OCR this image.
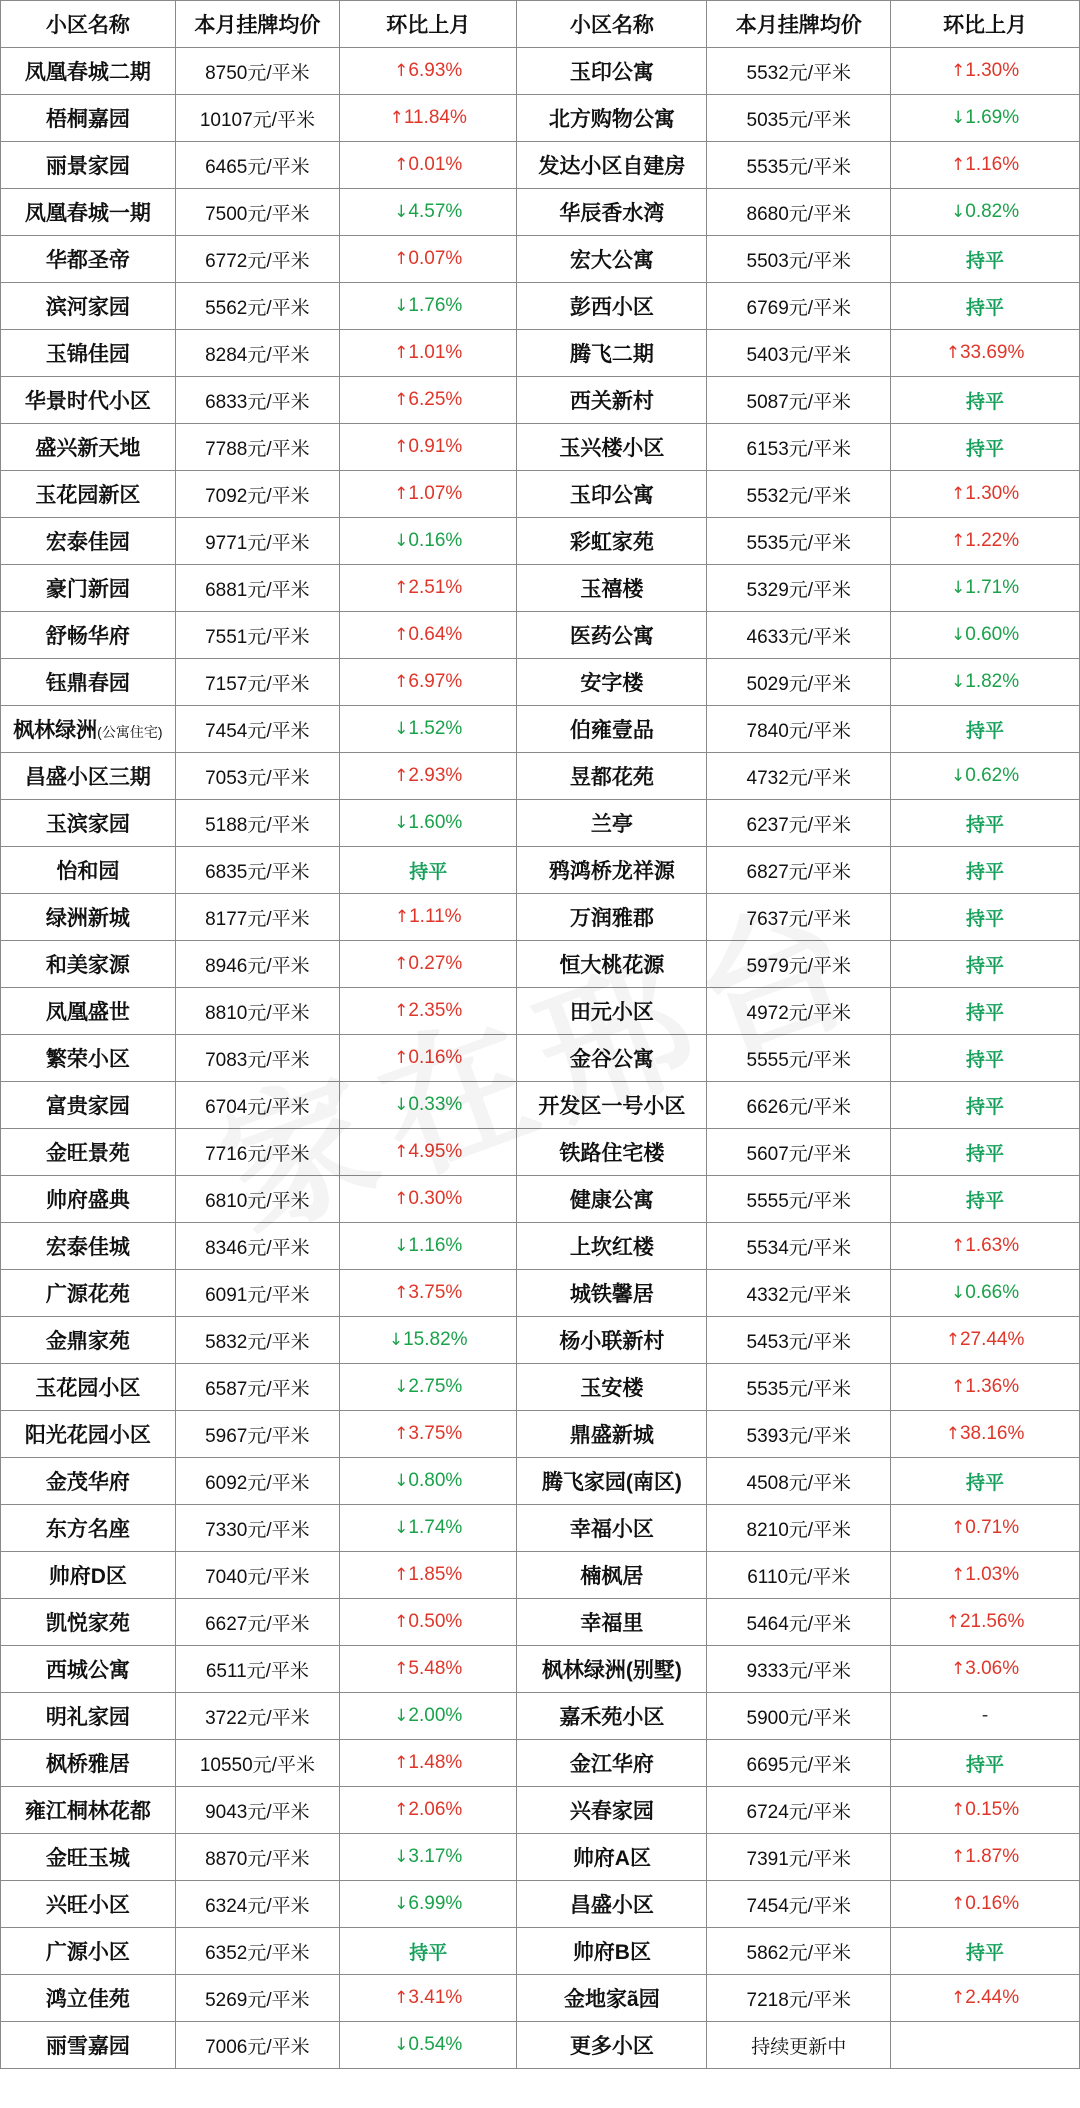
小区名称	本月挂牌均价	环比上月	小区名称	本月挂牌均价	环比上月
凤凰春城二期	8750元/平米	↑6.93%	玉印公寓	5532元/平米	↑1.30%
梧桐嘉园	10107元/平米	↑11.84%	北方购物公寓	5035元/平米	↓1.69%
丽景家园	6465元/平米	↑0.01%	发达小区自建房	5535元/平米	↑1.16%
凤凰春城一期	7500元/平米	↓4.57%	华辰香水湾	8680元/平米	↓0.82%
华都圣帝	6772元/平米	↑0.07%	宏大公寓	5503元/平米	持平
滨河家园	5562元/平米	↓1.76%	彭西小区	6769元/平米	持平
玉锦佳园	8284元/平米	↑1.01%	腾飞二期	5403元/平米	↑33.69%
华景时代小区	6833元/平米	↑6.25%	西关新村	5087元/平米	持平
盛兴新天地	7788元/平米	↑0.91%	玉兴楼小区	6153元/平米	持平
玉花园新区	7092元/平米	↑1.07%	玉印公寓	5532元/平米	↑1.30%
宏泰佳园	9771元/平米	↓0.16%	彩虹家苑	5535元/平米	↑1.22%
豪门新园	6881元/平米	↑2.51%	玉禧楼	5329元/平米	↓1.71%
舒畅华府	7551元/平米	↑0.64%	医药公寓	4633元/平米	↓0.60%
钰鼎春园	7157元/平米	↑6.97%	安字楼	5029元/平米	↓1.82%
枫林绿洲(公寓住宅)	7454元/平米	↓1.52%	伯雍壹品	7840元/平米	持平
昌盛小区三期	7053元/平米	↑2.93%	昱都花苑	4732元/平米	↓0.62%
玉滨家园	5188元/平米	↓1.60%	兰亭	6237元/平米	持平
怡和园	6835元/平米	持平	鸦鸿桥龙祥源	6827元/平米	持平
绿洲新城	8177元/平米	↑1.11%	万润雅郡	7637元/平米	持平
和美家源	8946元/平米	↑0.27%	恒大桃花源	5979元/平米	持平
凤凰盛世	8810元/平米	↑2.35%	田元小区	4972元/平米	持平
繁荣小区	7083元/平米	↑0.16%	金谷公寓	5555元/平米	持平
富贵家园	6704元/平米	↓0.33%	开发区一号小区	6626元/平米	持平
金旺景苑	7716元/平米	↑4.95%	铁路住宅楼	5607元/平米	持平
帅府盛典	6810元/平米	↑0.30%	健康公寓	5555元/平米	持平
宏泰佳城	8346元/平米	↓1.16%	上坎红楼	5534元/平米	↑1.63%
广源花苑	6091元/平米	↑3.75%	城铁馨居	4332元/平米	↓0.66%
金鼎家苑	5832元/平米	↓15.82%	杨小联新村	5453元/平米	↑27.44%
玉花园小区	6587元/平米	↓2.75%	玉安楼	5535元/平米	↑1.36%
阳光花园小区	5967元/平米	↑3.75%	鼎盛新城	5393元/平米	↑38.16%
金茂华府	6092元/平米	↓0.80%	腾飞家园(南区)	4508元/平米	持平
东方名座	7330元/平米	↓1.74%	幸福小区	8210元/平米	↑0.71%
帅府D区	7040元/平米	↑1.85%	楠枫居	6110元/平米	↑1.03%
凯悦家苑	6627元/平米	↑0.50%	幸福里	5464元/平米	↑21.56%
西城公寓	6511元/平米	↑5.48%	枫林绿洲(别墅)	9333元/平米	↑3.06%
明礼家园	3722元/平米	↓2.00%	嘉禾苑小区	5900元/平米	-
枫桥雅居	10550元/平米	↑1.48%	金江华府	6695元/平米	持平
雍江桐林花都	9043元/平米	↑2.06%	兴春家园	6724元/平米	↑0.15%
金旺玉城	8870元/平米	↓3.17%	帅府A区	7391元/平米	↑1.87%
兴旺小区	6324元/平米	↓6.99%	昌盛小区	7454元/平米	↑0.16%
广源小区	6352元/平米	持平	帅府B区	5862元/平米	持平
鸿立佳苑	5269元/平米	↑3.41%	金地家ã园	7218元/平米	↑2.44%
丽雪嘉园	7006元/平米	↓0.54%	更多小区	持续更新中	
